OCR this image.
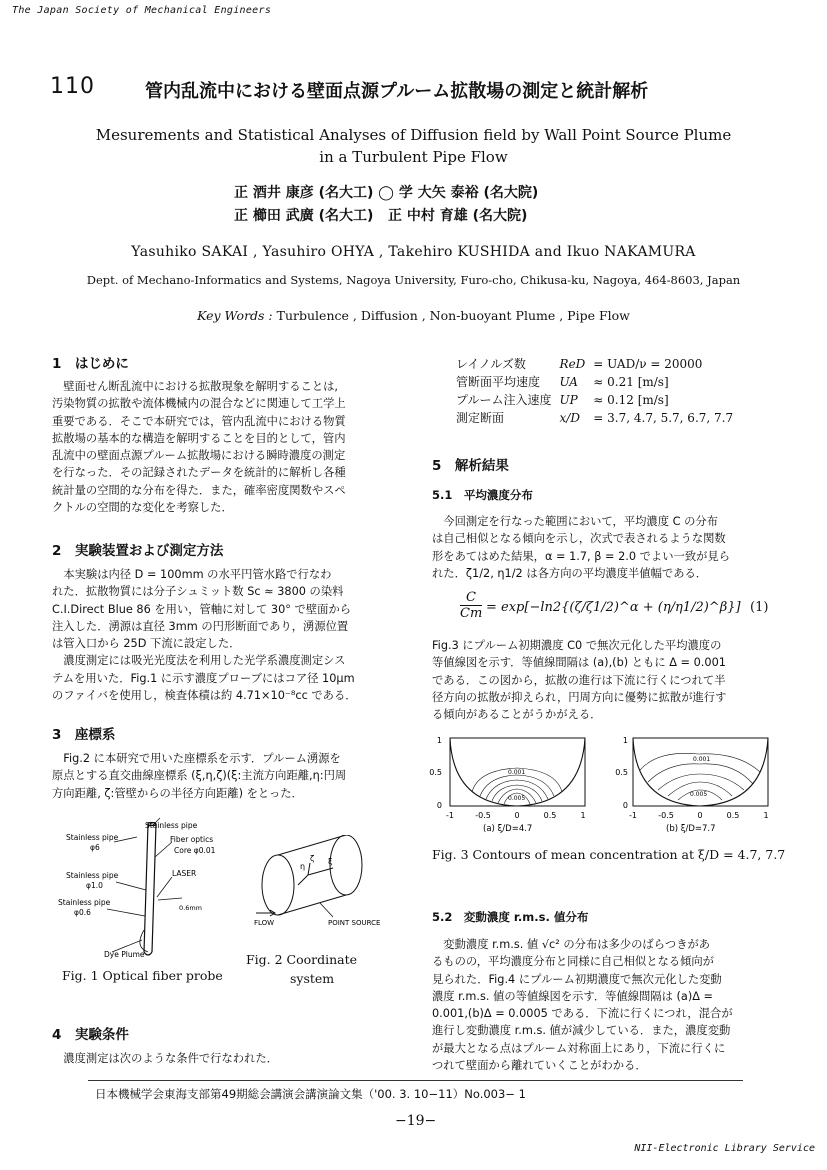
The Japan Society of Mechanical Engineers
110	管内乱流中における壁面点源プルーム拡散場の測定と統計解析
Mesurements and Statistical Analyses of Diffusion field by Wall Point Source Plume
in a Turbulent Pipe Flow
正 酒井 康彦 (名大工) ◯ 学 大矢 泰裕 (名大院)
正 櫛田 武廣 (名大工)   正 中村 育雄 (名大院)
Yasuhiko SAKAI , Yasuhiro OHYA , Takehiro KUSHIDA and Ikuo NAKAMURA
Dept. of Mechano-Informatics and Systems, Nagoya University, Furo-cho, Chikusa-ku, Nagoya, 464-8603, Japan
Key Words : Turbulence , Diffusion , Non-buoyant Plume , Pipe Flow
1　はじめに
　壁面せん断乱流中における拡散現象を解明することは,
汚染物質の拡散や流体機械内の混合などに関連して工学上
重要である．そこで本研究では，管内乱流中における物質
拡散場の基本的な構造を解明することを目的として，管内
乱流中の壁面点源プルーム拡散場における瞬時濃度の測定
を行なった．その記録されたデータを統計的に解析し各種
統計量の空間的な分布を得た．また，確率密度関数やスペ
クトルの空間的な変化を考察した．
2　実験装置および測定方法
　本実験は内径 D = 100mm の水平円管水路で行なわ
れた．拡散物質には分子シュミット数 Sc ≈ 3800 の染料
C.I.Direct Blue 86 を用い，管軸に対して 30° で壁面から
注入した．湧源は直径 3mm の円形断面であり，湧源位置
は管入口から 25D 下流に設定した．
　濃度測定には吸光光度法を利用した光学系濃度測定シス
テムを用いた．Fig.1 に示す濃度プローブにはコア径 10μm
のファイバを使用し，検査体積は約 4.71×10⁻⁸cc である．
3　座標系
　Fig.2 に本研究で用いた座標系を示す．プルーム湧源を
原点とする直交曲線座標系 (ξ,η,ζ)(ξ:主流方向距離,η:円周
方向距離, ζ:管壁からの半径方向距離) をとった．
Stainless pipe
φ6
Stainless pipe
Fiber optics
Core φ0.01
Stainless pipe
φ1.0
LASER
Stainless pipe
φ0.6	0.6mm
Dye Plume
Fig. 1 Optical fiber probe
FLOW	POINT SOURCE
η
ξ
ζ
Fig. 2 Coordinate
system
4　実験条件
　濃度測定は次のような条件で行なわれた．
レイノルズ数	ReD	= UAD/ν = 20000
管断面平均速度	UA	≈ 0.21 [m/s]
プルーム注入速度	UP	≈ 0.12 [m/s]
測定断面	x/D	= 3.7, 4.7, 5.7, 6.7, 7.7
5　解析結果
5.1　平均濃度分布
　今回測定を行なった範囲において，平均濃度 C の分布
は自己相似となる傾向を示し，次式で表されるような関数
形をあてはめた結果，α = 1.7, β = 2.0 でよい一致が見ら
れた．ζ1/2, η1/2 は各方向の平均濃度半値幅である．
$\frac{C}{Cm}$ = exp[−ln2{(ζ/ζ1/2)^α + (η/η1/2)^β}] (1)
Fig.3 にプルーム初期濃度 C0 で無次元化した平均濃度の
等値線図を示す．等値線間隔は (a),(b) ともに Δ = 0.001
である．この図から，拡散の進行は下流に行くにつれて半
径方向の拡散が抑えられ，円周方向に優勢に拡散が進行す
る傾向があることがうかがえる．
0.001
0.005
1
0.5
0
-1	-0.5	0	0.5	1
(a) ξ/D=4.7
0.001
0.005
1
0.5
0
-1	-0.5	0	0.5	1
(b) ξ/D=7.7
Fig. 3 Contours of mean concentration at ξ/D = 4.7, 7.7
5.2　変動濃度 r.m.s. 値分布
　変動濃度 r.m.s. 値 √c² の分布は多少のばらつきがあ
るものの，平均濃度分布と同様に自己相似となる傾向が
見られた．Fig.4 にプルーム初期濃度で無次元化した変動
濃度 r.m.s. 値の等値線図を示す．等値線間隔は (a)Δ =
0.001,(b)Δ = 0.0005 である．下流に行くにつれ，混合が
進行し変動濃度 r.m.s. 値が減少している．また，濃度変動
が最大となる点はプルーム対称面上にあり，下流に行くに
つれて壁面から離れていくことがわかる．
日本機械学会東海支部第49期総会講演会講演論文集（'00. 3. 10−11）No.003− 1
−19−
NII-Electronic Library Service
